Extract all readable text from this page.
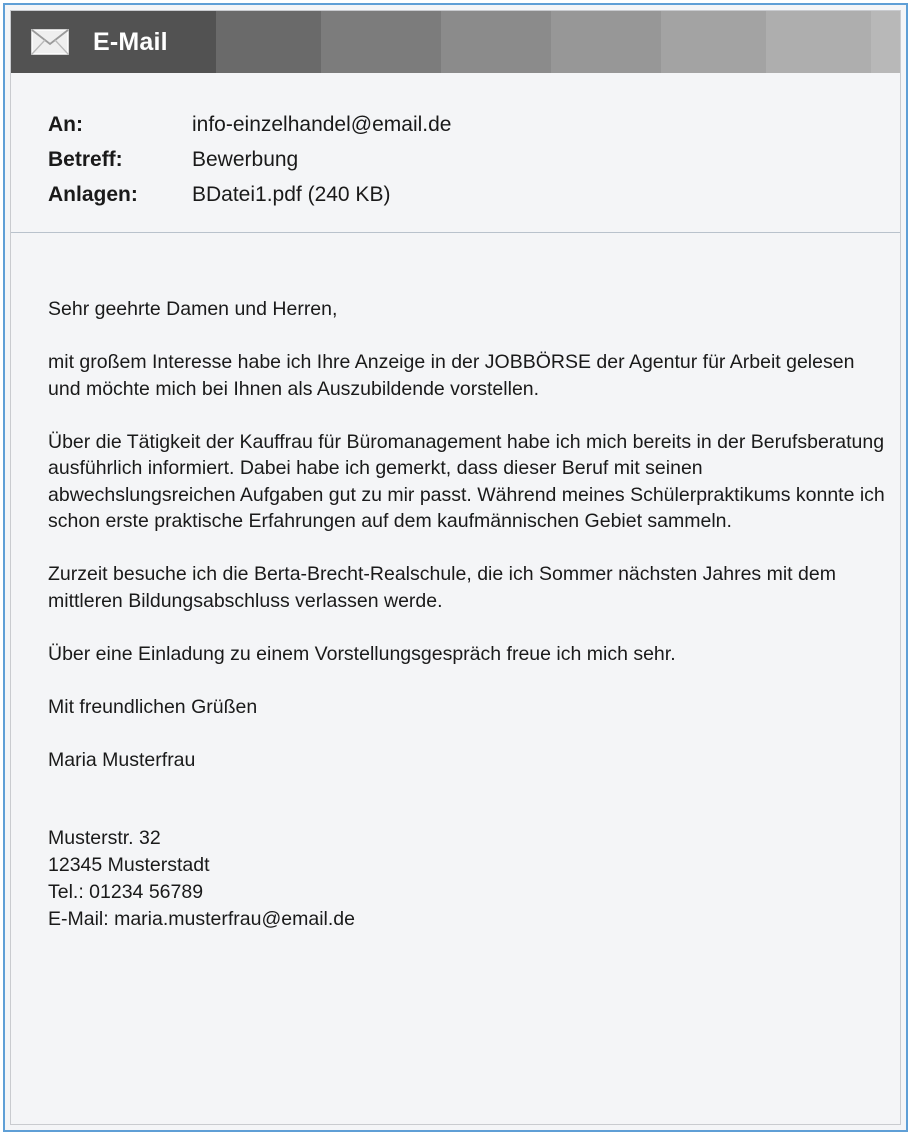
E-Mail
An:	info-einzelhandel@email.de
Betreff:	Bewerbung
Anlagen:	BDatei1.pdf (240 KB)

Sehr geehrte Damen und Herren,

mit großem Interesse habe ich Ihre Anzeige in der JOBBÖRSE der Agentur für Arbeit gelesen und möchte mich bei Ihnen als Auszubildende vorstellen.

Über die Tätigkeit der Kauffrau für Büromanagement habe ich mich bereits in der Berufsberatung ausführlich informiert. Dabei habe ich gemerkt, dass dieser Beruf mit seinen abwechslungsreichen Aufgaben gut zu mir passt. Während meines Schülerpraktikums konnte ich schon erste praktische Erfahrungen auf dem kaufmännischen Gebiet sammeln.

Zurzeit besuche ich die Berta-Brecht-Realschule, die ich Sommer nächsten Jahres mit dem mittleren Bildungsabschluss verlassen werde.

Über eine Einladung zu einem Vorstellungsgespräch freue ich mich sehr.

Mit freundlichen Grüßen

Maria Musterfrau

Musterstr. 32
12345 Musterstadt
Tel.: 01234 56789
E-Mail: maria.musterfrau@email.de
